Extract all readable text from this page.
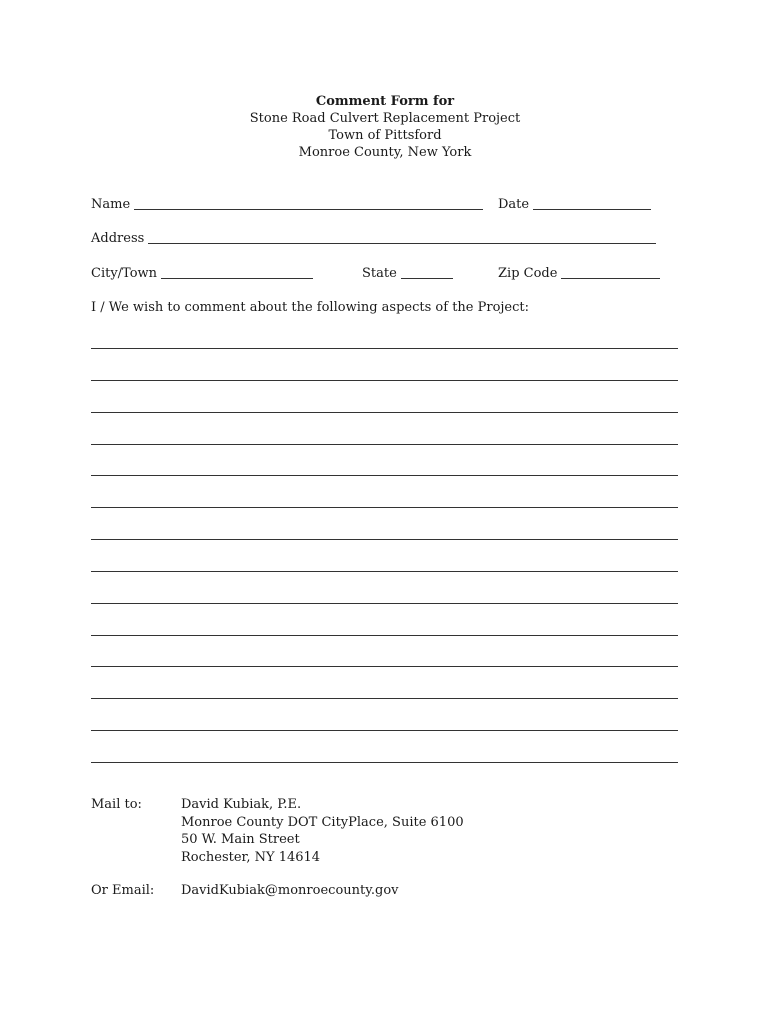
Comment Form for
Stone Road Culvert Replacement Project
Town of Pittsford
Monroe County, New York
Name	Date
Address
City/Town	State	Zip Code
I / We wish to comment about the following aspects of the Project:
Mail to:	David Kubiak, P.E.
Monroe County DOT CityPlace, Suite 6100
50 W. Main Street
Rochester, NY 14614
Or Email:	DavidKubiak@monroecounty.gov
